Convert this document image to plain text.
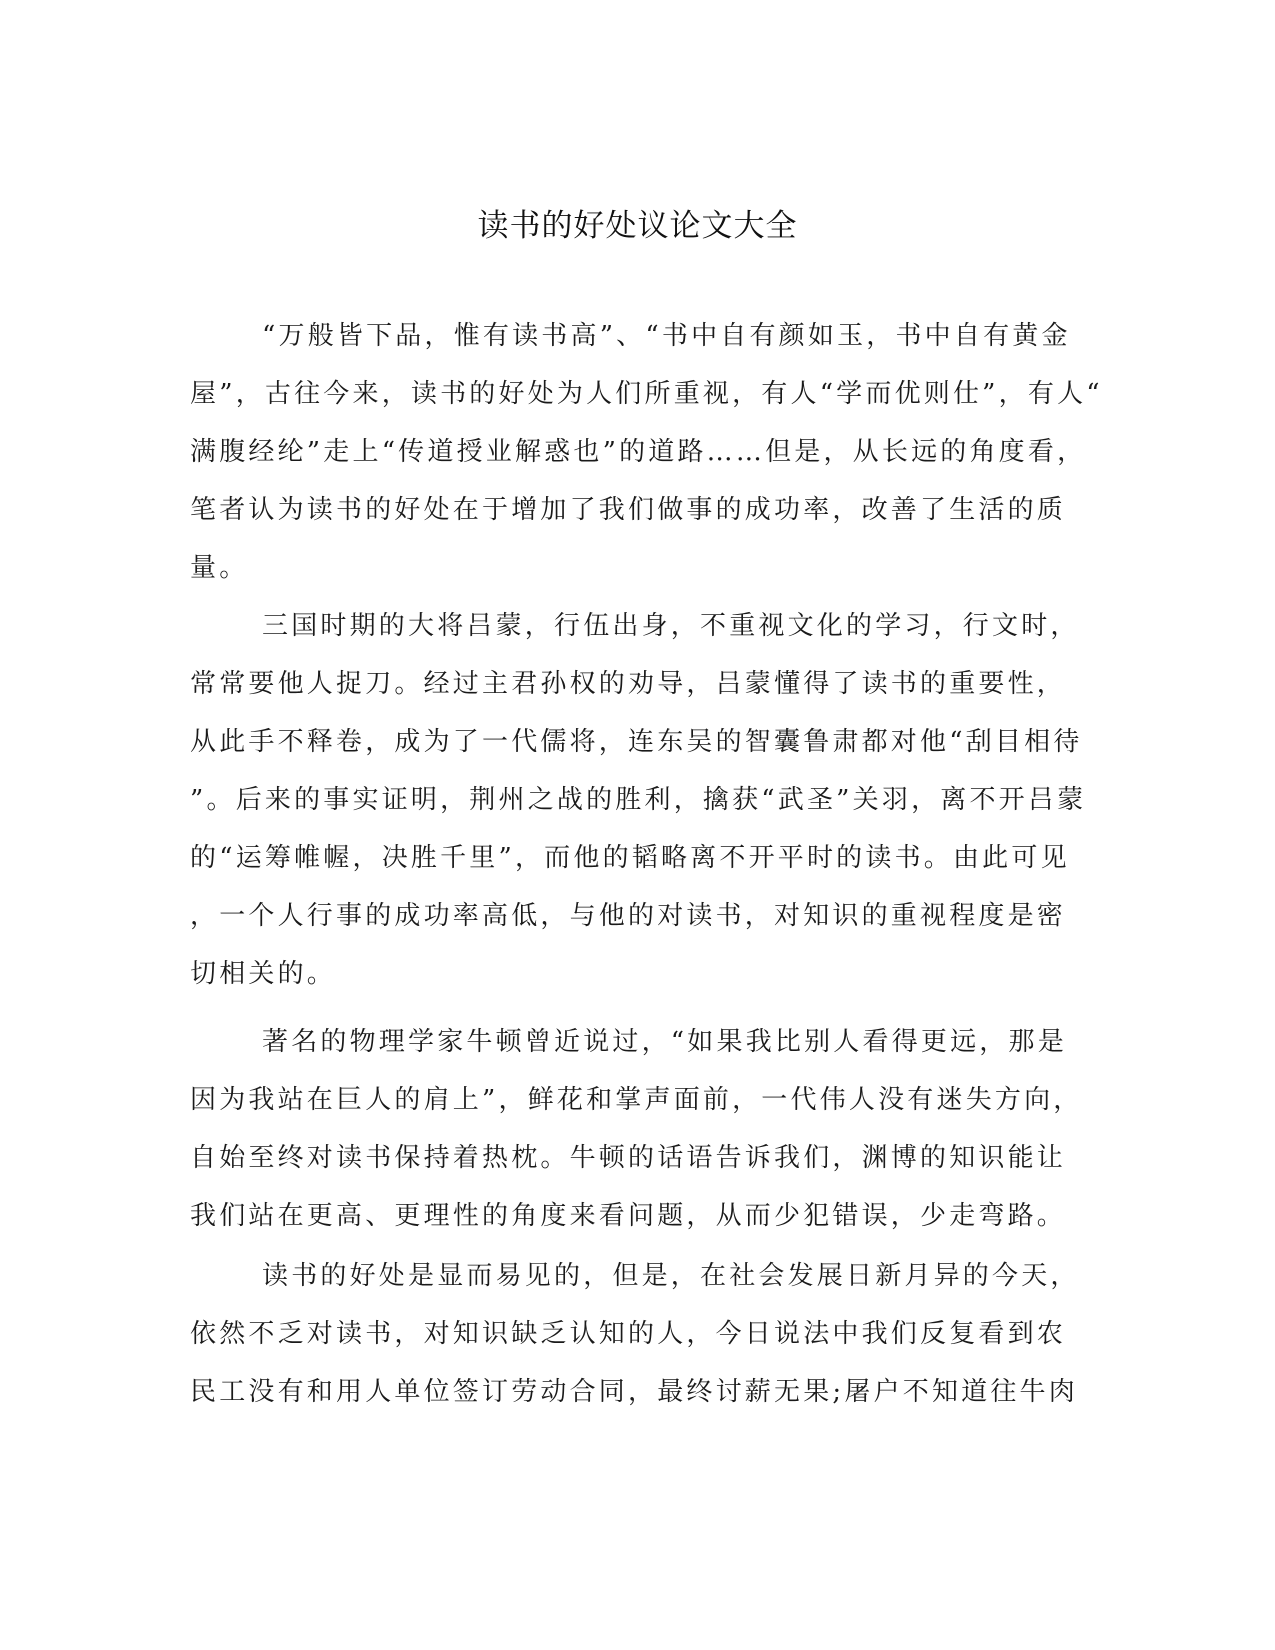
读书的好处议论文大全
“万般皆下品，惟有读书高”、“书中自有颜如玉，书中自有黄金
屋”，古往今来，读书的好处为人们所重视，有人“学而优则仕”，有人“
满腹经纶”走上“传道授业解惑也”的道路……但是，从长远的角度看，
笔者认为读书的好处在于增加了我们做事的成功率，改善了生活的质
量。
三国时期的大将吕蒙，行伍出身，不重视文化的学习，行文时，
常常要他人捉刀。经过主君孙权的劝导，吕蒙懂得了读书的重要性，
从此手不释卷，成为了一代儒将，连东吴的智囊鲁肃都对他“刮目相待
”。后来的事实证明，荆州之战的胜利，擒获“武圣”关羽，离不开吕蒙
的“运筹帷幄，决胜千里”，而他的韬略离不开平时的读书。由此可见
，一个人行事的成功率高低，与他的对读书，对知识的重视程度是密
切相关的。
著名的物理学家牛顿曾近说过，“如果我比别人看得更远，那是
因为我站在巨人的肩上”，鲜花和掌声面前，一代伟人没有迷失方向，
自始至终对读书保持着热枕。牛顿的话语告诉我们，渊博的知识能让
我们站在更高、更理性的角度来看问题，从而少犯错误，少走弯路。
读书的好处是显而易见的，但是，在社会发展日新月异的今天，
依然不乏对读书，对知识缺乏认知的人，今日说法中我们反复看到农
民工没有和用人单位签订劳动合同，最终讨薪无果;屠户不知道往牛肉
